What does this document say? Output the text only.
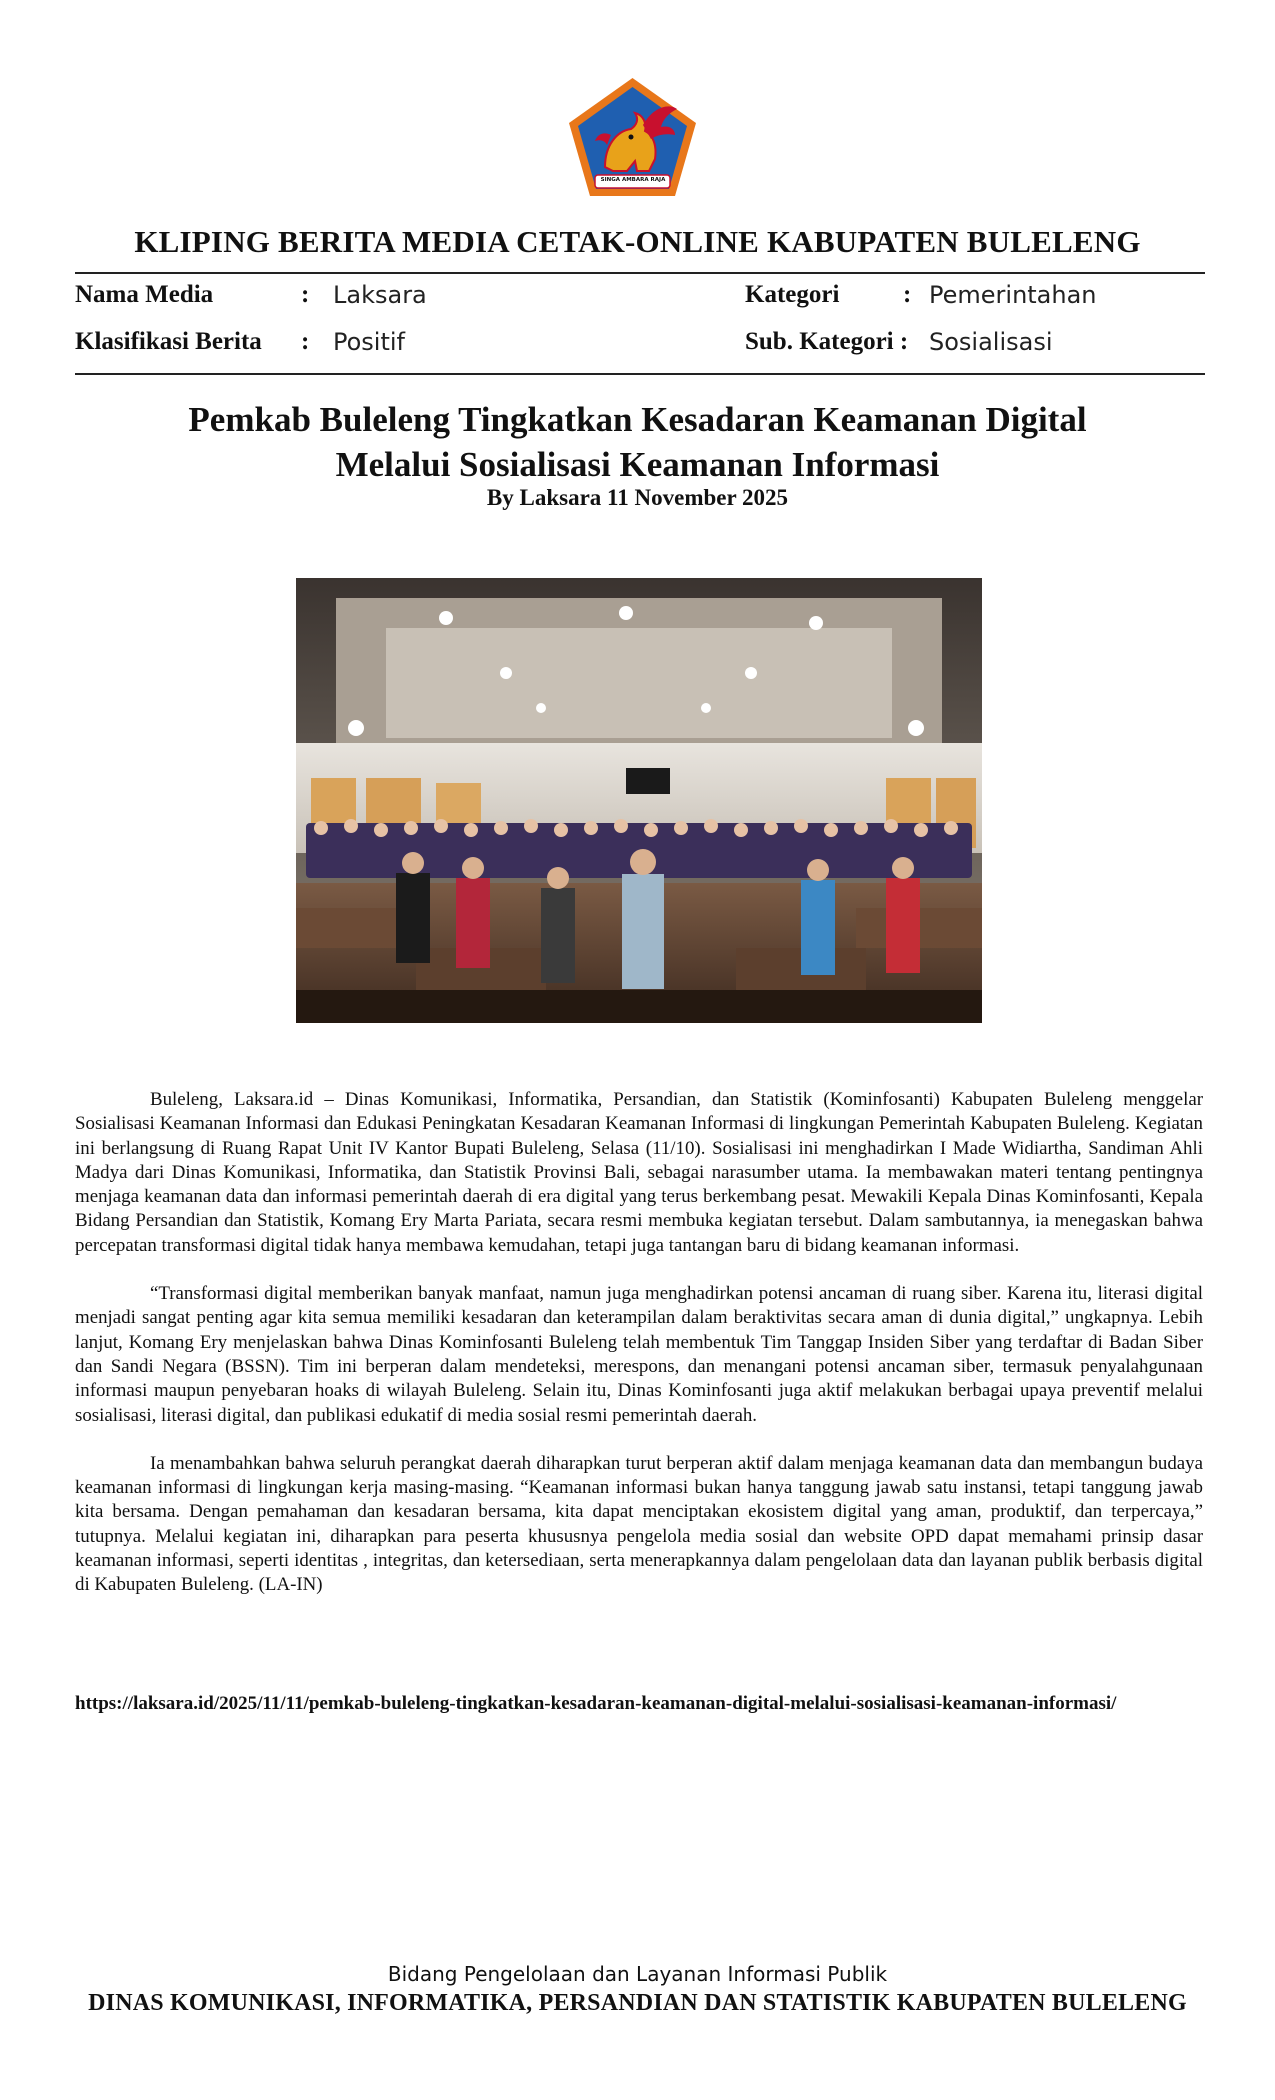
SINGA AMBARA RAJA
KLIPING BERITA MEDIA CETAK-ONLINE KABUPATEN BULELENG
Nama Media	: Laksara
Klasifikasi Berita : Positif
Kategori	: Pemerintahan
Sub. Kategori : Sosialisasi
Pemkab Buleleng Tingkatkan Kesadaran Keamanan Digital
Melalui Sosialisasi Keamanan Informasi
By Laksara 11 November 2025

Buleleng, Laksara.id – Dinas Komunikasi, Informatika, Persandian, dan Statistik (Kominfosanti) Kabupaten Buleleng menggelar Sosialisasi Keamanan Informasi dan Edukasi Peningkatan Kesadaran Keamanan Informasi di lingkungan Pemerintah Kabupaten Buleleng. Kegiatan ini berlangsung di Ruang Rapat Unit IV Kantor Bupati Buleleng, Selasa (11/10). Sosialisasi ini menghadirkan I Made Widiartha, Sandiman Ahli Madya dari Dinas Komunikasi, Informatika, dan Statistik Provinsi Bali, sebagai narasumber utama. Ia membawakan materi tentang pentingnya menjaga keamanan data dan informasi pemerintah daerah di era digital yang terus berkembang pesat. Mewakili Kepala Dinas Kominfosanti, Kepala Bidang Persandian dan Statistik, Komang Ery Marta Pariata, secara resmi membuka kegiatan tersebut. Dalam sambutannya, ia menegaskan bahwa percepatan transformasi digital tidak hanya membawa kemudahan, tetapi juga tantangan baru di bidang keamanan informasi.

“Transformasi digital memberikan banyak manfaat, namun juga menghadirkan potensi ancaman di ruang siber. Karena itu, literasi digital menjadi sangat penting agar kita semua memiliki kesadaran dan keterampilan dalam beraktivitas secara aman di dunia digital,” ungkapnya. Lebih lanjut, Komang Ery menjelaskan bahwa Dinas Kominfosanti Buleleng telah membentuk Tim Tanggap Insiden Siber yang terdaftar di Badan Siber dan Sandi Negara (BSSN). Tim ini berperan dalam mendeteksi, merespons, dan menangani potensi ancaman siber, termasuk penyalahgunaan informasi maupun penyebaran hoaks di wilayah Buleleng. Selain itu, Dinas Kominfosanti juga aktif melakukan berbagai upaya preventif melalui sosialisasi, literasi digital, dan publikasi edukatif di media sosial resmi pemerintah daerah.

Ia menambahkan bahwa seluruh perangkat daerah diharapkan turut berperan aktif dalam menjaga keamanan data dan membangun budaya keamanan informasi di lingkungan kerja masing-masing. “Keamanan informasi bukan hanya tanggung jawab satu instansi, tetapi tanggung jawab kita bersama. Dengan pemahaman dan kesadaran bersama, kita dapat menciptakan ekosistem digital yang aman, produktif, dan terpercaya,” tutupnya. Melalui kegiatan ini, diharapkan para peserta khususnya pengelola media sosial dan website OPD dapat memahami prinsip dasar keamanan informasi, seperti identitas , integritas, dan ketersediaan, serta menerapkannya dalam pengelolaan data dan layanan publik berbasis digital di Kabupaten Buleleng. (LA-IN)

https://laksara.id/2025/11/11/pemkab-buleleng-tingkatkan-kesadaran-keamanan-digital-melalui-sosialisasi-keamanan-informasi/
Bidang Pengelolaan dan Layanan Informasi Publik
DINAS KOMUNIKASI, INFORMATIKA, PERSANDIAN DAN STATISTIK KABUPATEN BULELENG
